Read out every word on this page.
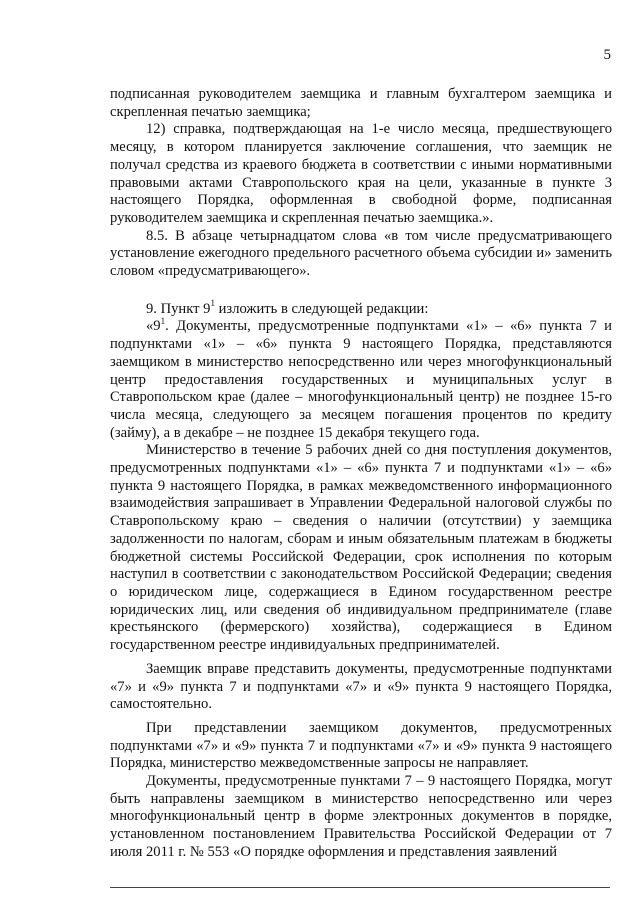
5

подписанная руководителем заемщика и главным бухгалтером заемщика и скрепленная печатью заемщика;

12) справка, подтверждающая на 1-е число месяца, предшествующего месяцу, в котором планируется заключение соглашения, что заемщик не получал средства из краевого бюджета в соответствии с иными нормативными правовыми актами Ставропольского края на цели, указанные в пункте 3 настоящего Порядка, оформленная в свободной форме, подписанная руководителем заемщика и скрепленная печатью заемщика.».

8.5. В абзаце четырнадцатом слова «в том числе предусматривающего установление ежегодного предельного расчетного объема субсидии и» заменить словом «предусматривающего».

9. Пункт $9^1$ изложить в следующей редакции:

«$9^1$. Документы, предусмотренные подпунктами «1» – «6» пункта 7 и подпунктами «1» – «6» пункта 9 настоящего Порядка, представляются заемщиком в министерство непосредственно или через многофункциональный центр предоставления государственных и муниципальных услуг в Ставропольском крае (далее – многофункциональный центр) не позднее 15-го числа месяца, следующего за месяцем погашения процентов по кредиту (займу), а в декабре – не позднее 15 декабря текущего года.

Министерство в течение 5 рабочих дней со дня поступления документов, предусмотренных подпунктами «1» – «6» пункта 7 и подпунктами «1» – «6» пункта 9 настоящего Порядка, в рамках межведомственного информационного взаимодействия запрашивает в Управлении Федеральной налоговой службы по Ставропольскому краю – сведения о наличии (отсутствии) у заемщика задолженности по налогам, сборам и иным обязательным платежам в бюджеты бюджетной системы Российской Федерации, срок исполнения по которым наступил в соответствии с законодательством Российской Федерации; сведения о юридическом лице, содержащиеся в Едином государственном реестре юридических лиц, или сведения об индивидуальном предпринимателе (главе крестьянского (фермерского) хозяйства), содержащиеся в Едином государственном реестре индивидуальных предпринимателей.

Заемщик вправе представить документы, предусмотренные подпунктами «7» и «9» пункта 7 и подпунктами «7» и «9» пункта 9 настоящего Порядка, самостоятельно.

При представлении заемщиком документов, предусмотренных подпунктами «7» и «9» пункта 7 и подпунктами «7» и «9» пункта 9 настоящего Порядка, министерство межведомственные запросы не направляет.

Документы, предусмотренные пунктами 7 – 9 настоящего Порядка, могут быть направлены заемщиком в министерство непосредственно или через многофункциональный центр в форме электронных документов в порядке, установленном постановлением Правительства Российской Федерации от 7 июля 2011 г. № 553 «О порядке оформления и представления заявлений
